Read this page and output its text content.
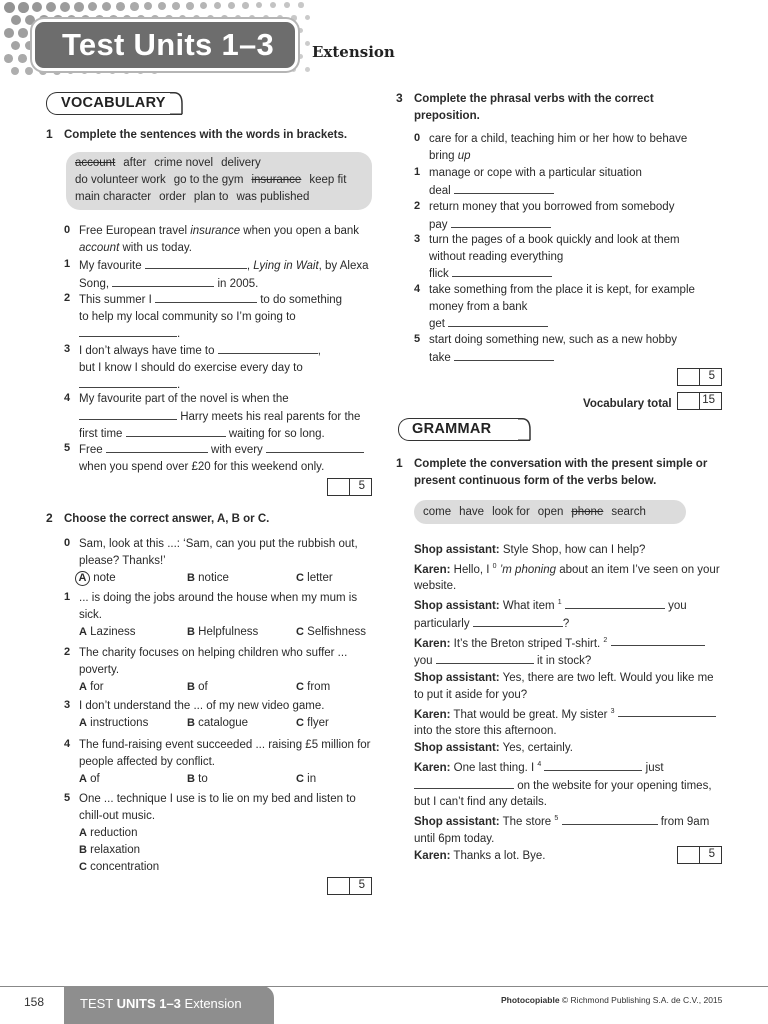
Test Units 1–3	Extension
VOCABULARY
1 Complete the sentences with the words in brackets.
account after crime novel delivery
do volunteer work go to the gym insurance keep fit
main character order plan to was published
0 Free European travel insurance when you open a bank
account with us today.
1 My favourite	, Lying in Wait, by Alexa
Song,	in 2005.
2 This summer I	to do something
to help my local community so I’m going to
.
3 I don’t always have time to	,
but I know I should do exercise every day to
.
4 My favourite part of the novel is when the
Harry meets his real parents for the
first time	waiting for so long.
5 Free	with every
when you spend over £20 for this weekend only.
5
2 Choose the correct answer, A, B or C.
0 Sam, look at this ...: ‘Sam, can you put the rubbish out,
please? Thanks!’
A note	B notice	C letter
1 ... is doing the jobs around the house when my mum is
sick.
A Laziness	B Helpfulness	C Selfishness
2 The charity focuses on helping children who suffer ...
poverty.
A for	B of	C from
3 I don’t understand the ... of my new video game.
A instructions	B catalogue	C flyer
4 The fund-raising event succeeded ... raising £5 million for
people affected by conflict.
A of	B to	C in
5 One ... technique I use is to lie on my bed and listen to
chill-out music.
A reduction
B relaxation
C concentration
5
3 Complete the phrasal verbs with the correct
preposition.
0 care for a child, teaching him or her how to behave
bring up
1 manage or cope with a particular situation
deal
2 return money that you borrowed from somebody
pay
3 turn the pages of a book quickly and look at them
without reading everything
flick
4 take something from the place it is kept, for example
money from a bank
get
5 start doing something new, such as a new hobby
take
5
Vocabulary total	15
GRAMMAR
1 Complete the conversation with the present simple or
present continuous form of the verbs below.
come have look for open phone search
Shop assistant: Style Shop, how can I help?
Karen: Hello, I $^0$ ’m phoning about an item I’ve seen on your
website.
Shop assistant: What item $^1$	you
particularly	?
Karen: It’s the Breton striped T-shirt. $^2$
you	it in stock?
Shop assistant: Yes, there are two left. Would you like me
to put it aside for you?
Karen: That would be great. My sister $^3$
into the store this afternoon.
Shop assistant: Yes, certainly.
Karen: One last thing. I $^4$	just
on the website for your opening times,
but I can’t find any details.
Shop assistant: The store $^5$	from 9am
until 6pm today.
Karen: Thanks a lot. Bye.	5
158	TEST UNITS 1–3 Extension	Photocopiable © Richmond Publishing S.A. de C.V., 2015
